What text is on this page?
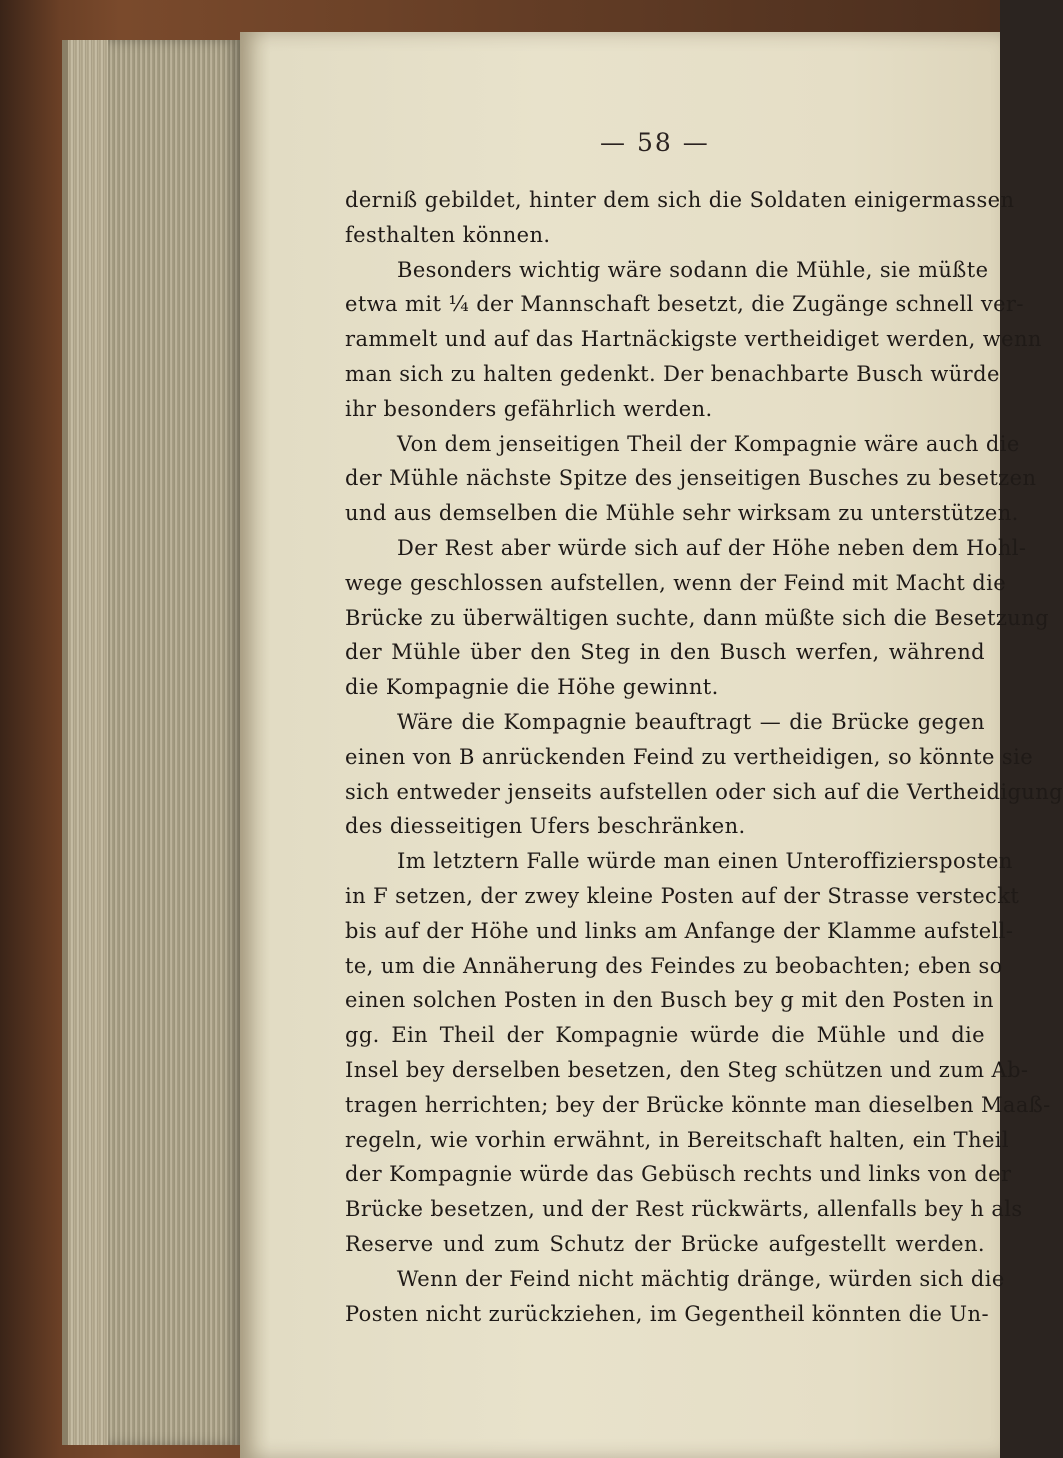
— 58 —
derniß gebildet, hinter dem sich die Soldaten einigermassen
festhalten können.
Besonders wichtig wäre sodann die Mühle, sie müßte
etwa mit ¼ der Mannschaft besetzt, die Zugänge schnell ver-
rammelt und auf das Hartnäckigste vertheidiget werden, wenn
man sich zu halten gedenkt. Der benachbarte Busch würde
ihr besonders gefährlich werden.
Von dem jenseitigen Theil der Kompagnie wäre auch die
der Mühle nächste Spitze des jenseitigen Busches zu besetzen
und aus demselben die Mühle sehr wirksam zu unterstützen.
Der Rest aber würde sich auf der Höhe neben dem Hohl-
wege geschlossen aufstellen, wenn der Feind mit Macht die
Brücke zu überwältigen suchte, dann müßte sich die Besetzung
der Mühle über den Steg in den Busch werfen, während
die Kompagnie die Höhe gewinnt.
Wäre die Kompagnie beauftragt — die Brücke gegen
einen von B anrückenden Feind zu vertheidigen, so könnte sie
sich entweder jenseits aufstellen oder sich auf die Vertheidigung
des diesseitigen Ufers beschränken.
Im letztern Falle würde man einen Unteroffiziersposten
in F setzen, der zwey kleine Posten auf der Strasse versteckt
bis auf der Höhe und links am Anfange der Klamme aufstell-
te, um die Annäherung des Feindes zu beobachten; eben so
einen solchen Posten in den Busch bey g mit den Posten in
gg. Ein Theil der Kompagnie würde die Mühle und die
Insel bey derselben besetzen, den Steg schützen und zum Ab-
tragen herrichten; bey der Brücke könnte man dieselben Maaß-
regeln, wie vorhin erwähnt, in Bereitschaft halten, ein Theil
der Kompagnie würde das Gebüsch rechts und links von der
Brücke besetzen, und der Rest rückwärts, allenfalls bey h als
Reserve und zum Schutz der Brücke aufgestellt werden.
Wenn der Feind nicht mächtig dränge, würden sich die
Posten nicht zurückziehen, im Gegentheil könnten die Un-
